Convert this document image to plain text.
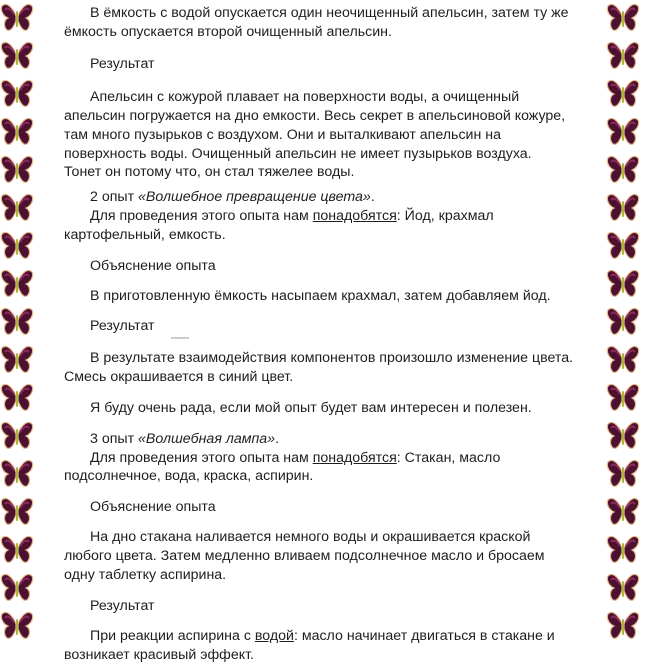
В ёмкость с водой опускается один неочищенный апельсин, затем ту же
ёмкость опускается второй очищенный апельсин.
Результат
Апельсин с кожурой плавает на поверхности воды, а очищенный
апельсин погружается на дно емкости. Весь секрет в апельсиновой кожуре,
там много пузырьков с воздухом. Они и выталкивают апельсин на
поверхность воды. Очищенный апельсин не имеет пузырьков воздуха.
Тонет он потому что, он стал тяжелее воды.
2 опыт «Волшебное превращение цвета».
Для проведения этого опыта нам понадобятся: Йод, крахмал
картофельный, емкость.
Объяснение опыта
В приготовленную ёмкость насыпаем крахмал, затем добавляем йод.
Результат
В результате взаимодействия компонентов произошло изменение цвета.
Смесь окрашивается в синий цвет.
Я буду очень рада, если мой опыт будет вам интересен и полезен.
3 опыт «Волшебная лампа».
Для проведения этого опыта нам понадобятся: Стакан, масло
подсолнечное, вода, краска, аспирин.
Объяснение опыта
На дно стакана наливается немного воды и окрашивается краской
любого цвета. Затем медленно вливаем подсолнечное масло и бросаем
одну таблетку аспирина.
Результат
При реакции аспирина с водой: масло начинает двигаться в стакане и
возникает красивый эффект.
